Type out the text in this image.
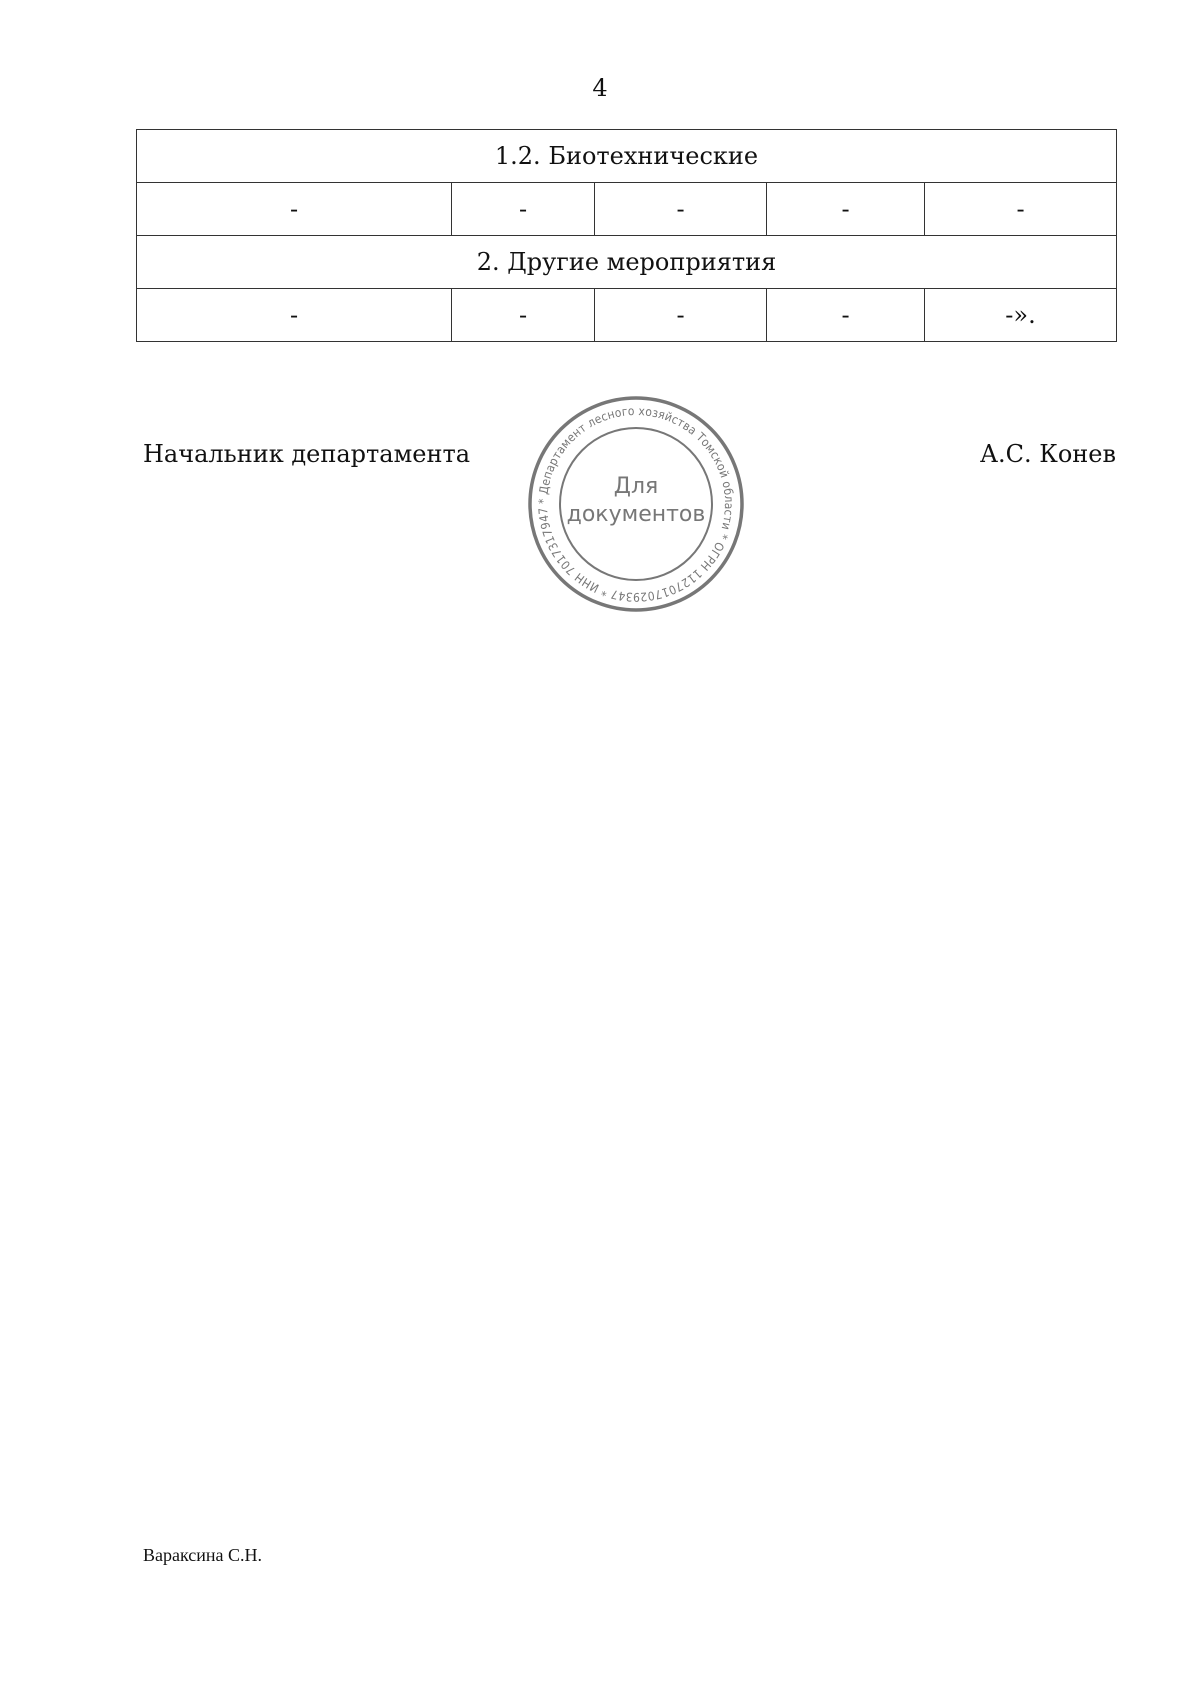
4
1.2. Биотехнические				
-	-	-	-	-
2. Другие мероприятия				
-	-	-	-	-».
Начальник департамента	А.С. Конев
* Департамент лесного хозяйства Томской области * ОГРН 1127017029347 * ИНН 7017317947
Для
документов
Вараксина С.Н.
